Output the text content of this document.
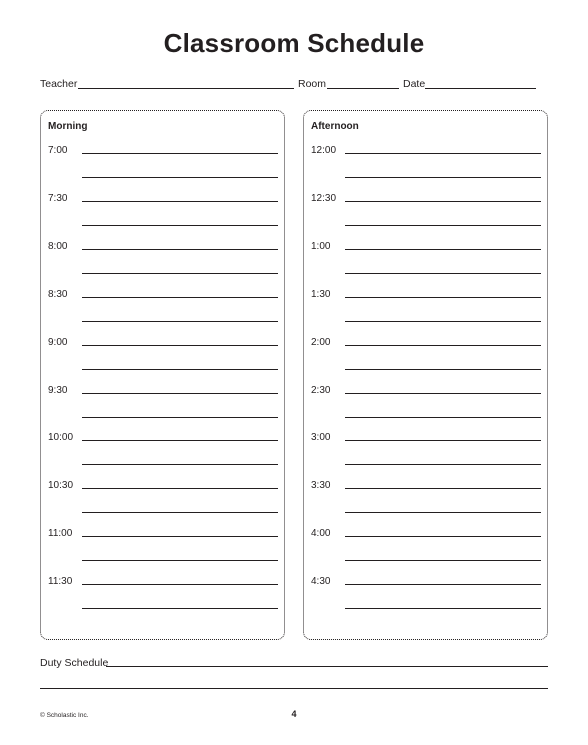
Classroom Schedule
Teacher	Room	Date
Morning
7:00
7:30
8:00
8:30
9:00
9:30
10:00
10:30
11:00
11:30
Afternoon
12:00
12:30
1:00
1:30
2:00
2:30
3:00
3:30
4:00
4:30
Duty Schedule
© Scholastic Inc.	4
